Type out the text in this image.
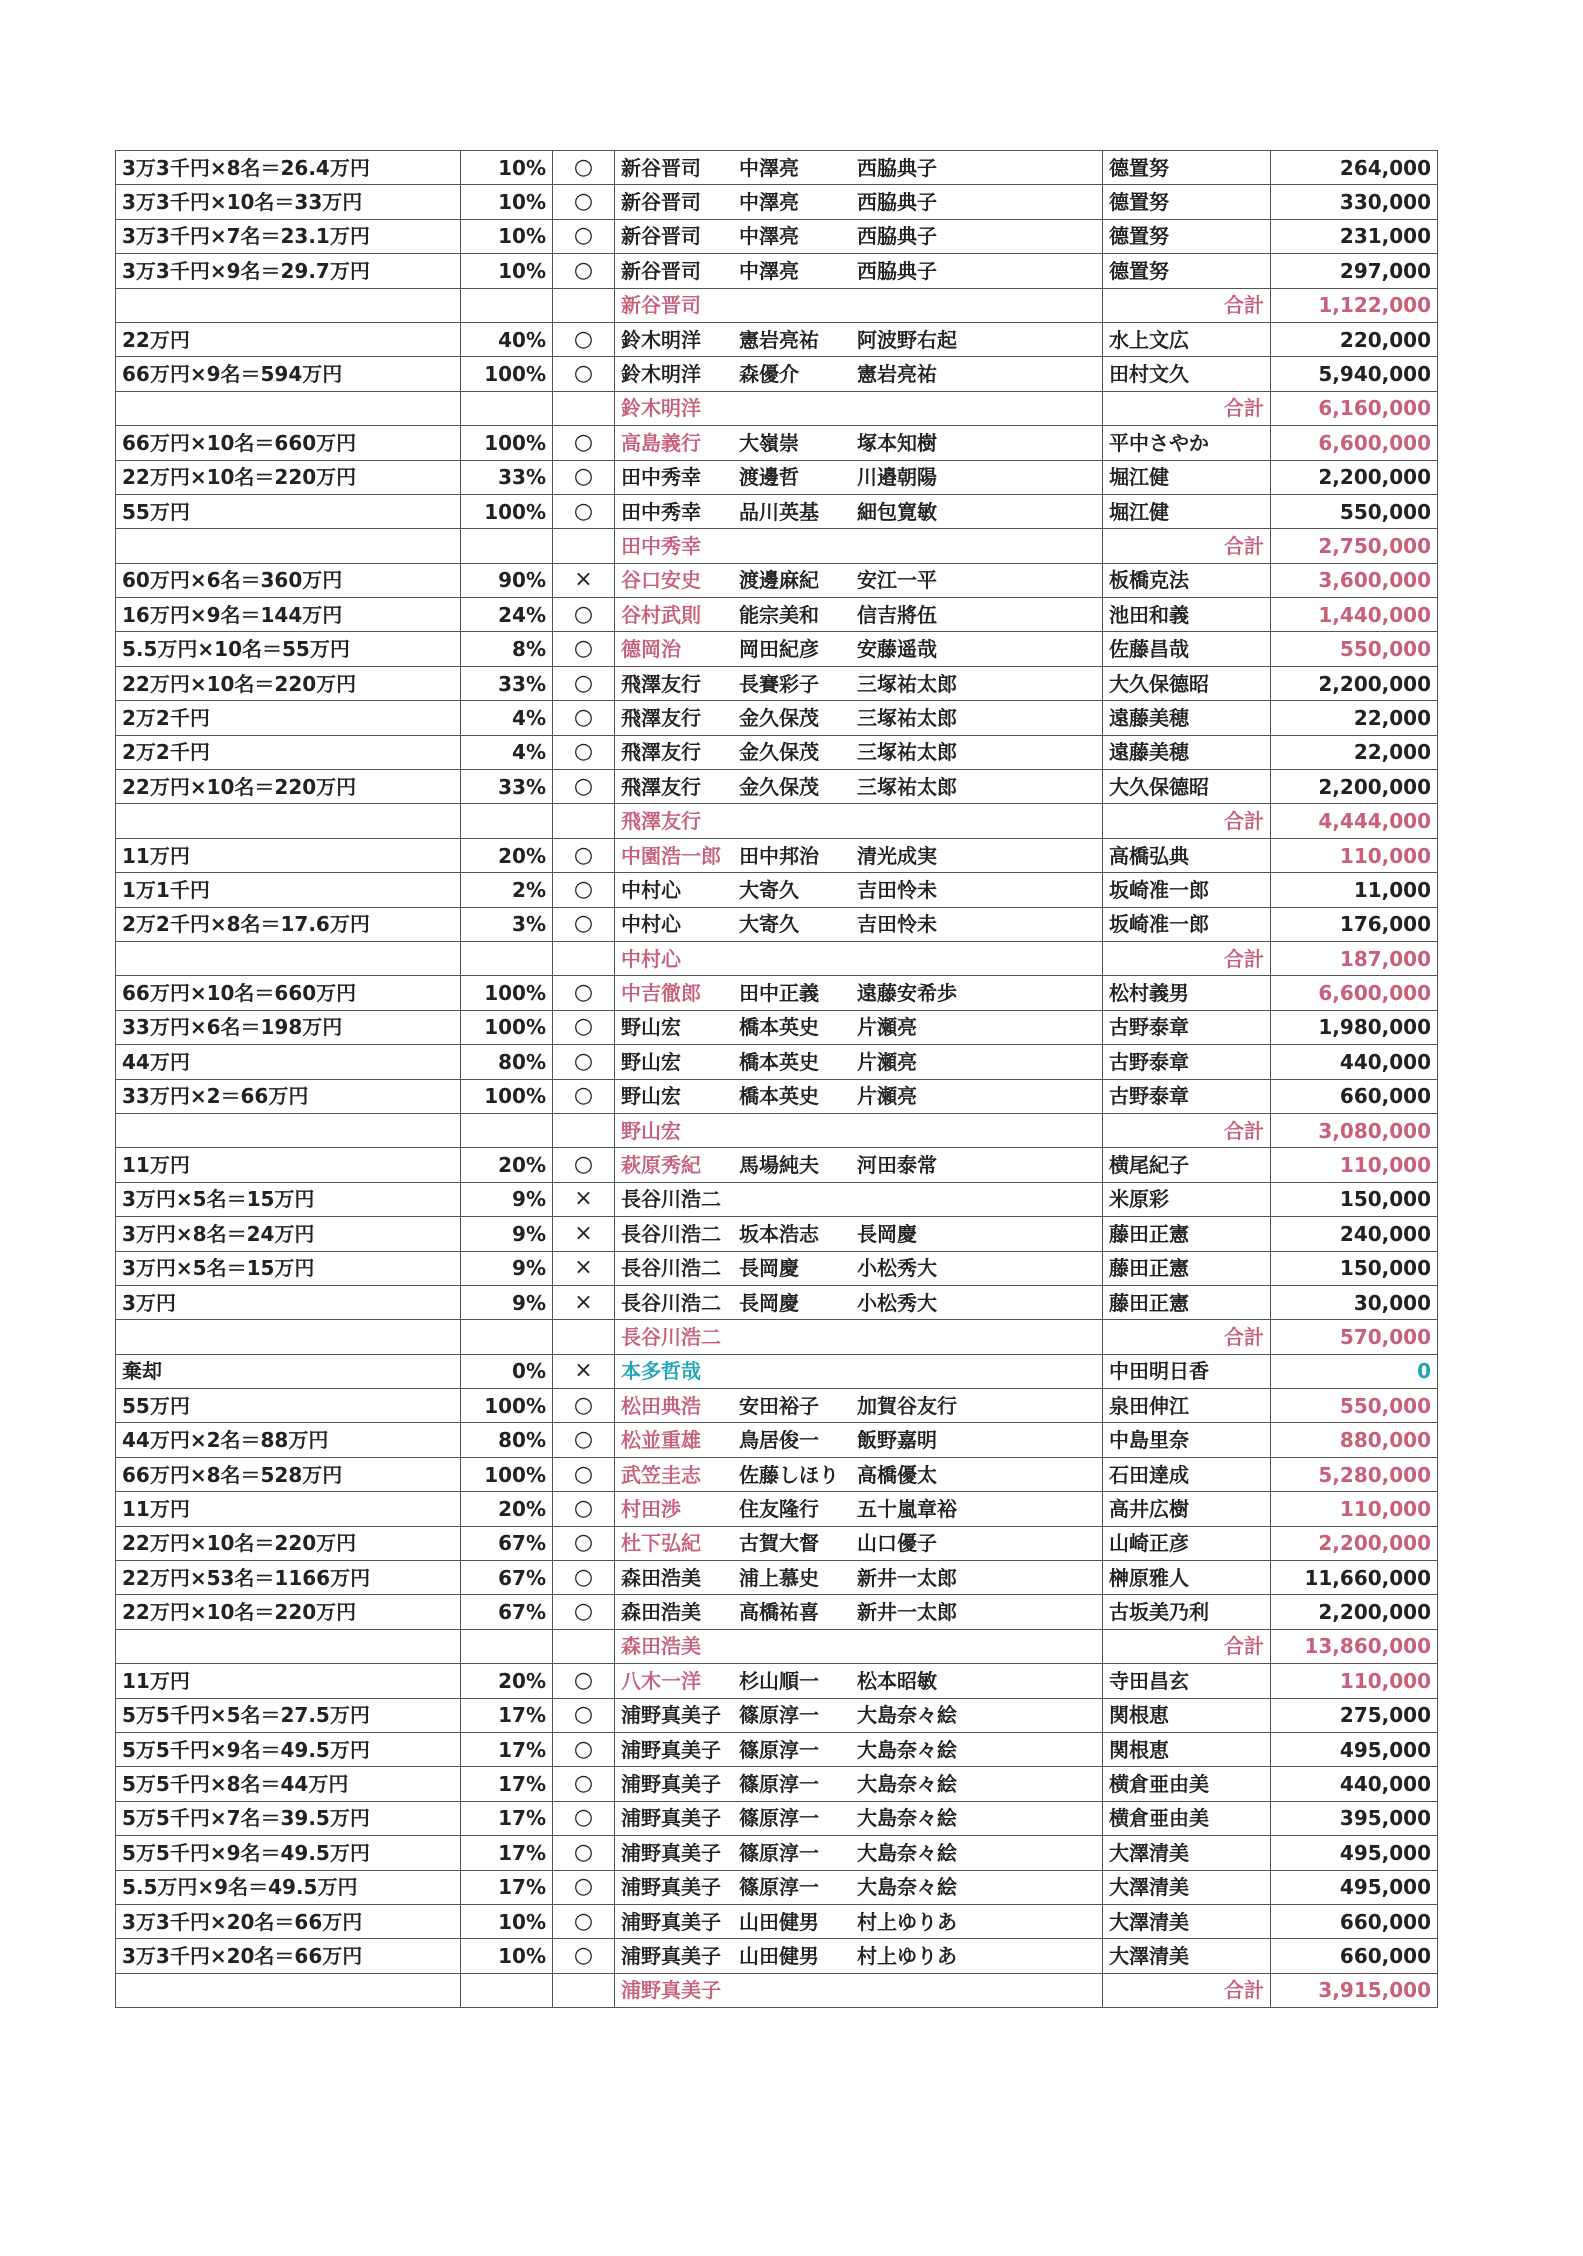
3万3千円×8名＝26.4万円	10%	○	新谷晋司 中澤亮 西脇典子	德置努	264,000
3万3千円×10名＝33万円	10%	○	新谷晋司 中澤亮 西脇典子	德置努	330,000
3万3千円×7名＝23.1万円	10%	○	新谷晋司 中澤亮 西脇典子	德置努	231,000
3万3千円×9名＝29.7万円	10%	○	新谷晋司 中澤亮 西脇典子	德置努	297,000
			新谷晋司	合計	1,122,000
22万円	40%	○	鈴木明洋 憲岩亮祐 阿波野右起	水上文広	220,000
66万円×9名＝594万円	100%	○	鈴木明洋 森優介 憲岩亮祐	田村文久	5,940,000
			鈴木明洋	合計	6,160,000
66万円×10名＝660万円	100%	○	高島義行 大嶺崇 塚本知樹	平中さやか	6,600,000
22万円×10名＝220万円	33%	○	田中秀幸 渡邊哲 川邉朝陽	堀江健	2,200,000
55万円	100%	○	田中秀幸 品川英基 細包寛敏	堀江健	550,000
			田中秀幸	合計	2,750,000
60万円×6名＝360万円	90%	×	谷口安史 渡邊麻紀 安江一平	板橋克法	3,600,000
16万円×9名＝144万円	24%	○	谷村武則 能宗美和 信吉將伍	池田和義	1,440,000
5.5万円×10名＝55万円	8%	○	德岡治 岡田紀彦 安藤遥哉	佐藤昌哉	550,000
22万円×10名＝220万円	33%	○	飛澤友行 長賽彩子 三塚祐太郎	大久保德昭	2,200,000
2万2千円	4%	○	飛澤友行 金久保茂 三塚祐太郎	遠藤美穂	22,000
2万2千円	4%	○	飛澤友行 金久保茂 三塚祐太郎	遠藤美穂	22,000
22万円×10名＝220万円	33%	○	飛澤友行 金久保茂 三塚祐太郎	大久保德昭	2,200,000
			飛澤友行	合計	4,444,000
11万円	20%	○	中園浩一郎 田中邦治 清光成実	高橋弘典	110,000
1万1千円	2%	○	中村心 大寄久 吉田怜未	坂崎准一郎	11,000
2万2千円×8名＝17.6万円	3%	○	中村心 大寄久 吉田怜未	坂崎准一郎	176,000
			中村心	合計	187,000
66万円×10名＝660万円	100%	○	中吉徹郎 田中正義 遠藤安希歩	松村義男	6,600,000
33万円×6名＝198万円	100%	○	野山宏 橋本英史 片瀬亮	古野泰章	1,980,000
44万円	80%	○	野山宏 橋本英史 片瀬亮	古野泰章	440,000
33万円×2＝66万円	100%	○	野山宏 橋本英史 片瀬亮	古野泰章	660,000
			野山宏	合計	3,080,000
11万円	20%	○	萩原秀紀 馬場純夫 河田泰常	横尾紀子	110,000
3万円×5名＝15万円	9%	×	長谷川浩二	米原彩	150,000
3万円×8名＝24万円	9%	×	長谷川浩二 坂本浩志 長岡慶	藤田正憲	240,000
3万円×5名＝15万円	9%	×	長谷川浩二 長岡慶 小松秀大	藤田正憲	150,000
3万円	9%	×	長谷川浩二 長岡慶 小松秀大	藤田正憲	30,000
			長谷川浩二	合計	570,000
棄却	0%	×	本多哲哉	中田明日香	0
55万円	100%	○	松田典浩 安田裕子 加賀谷友行	泉田伸江	550,000
44万円×2名＝88万円	80%	○	松並重雄 鳥居俊一 飯野嘉明	中島里奈	880,000
66万円×8名＝528万円	100%	○	武笠圭志 佐藤しほり 高橋優太	石田達成	5,280,000
11万円	20%	○	村田渉 住友隆行 五十嵐章裕	高井広樹	110,000
22万円×10名＝220万円	67%	○	杜下弘紀 古賀大督 山口優子	山崎正彦	2,200,000
22万円×53名＝1166万円	67%	○	森田浩美 浦上慕史 新井一太郎	榊原雅人	11,660,000
22万円×10名＝220万円	67%	○	森田浩美 高橋祐喜 新井一太郎	古坂美乃利	2,200,000
			森田浩美	合計	13,860,000
11万円	20%	○	八木一洋 杉山順一 松本昭敏	寺田昌玄	110,000
5万5千円×5名＝27.5万円	17%	○	浦野真美子 篠原淳一 大島奈々絵	関根恵	275,000
5万5千円×9名＝49.5万円	17%	○	浦野真美子 篠原淳一 大島奈々絵	関根恵	495,000
5万5千円×8名＝44万円	17%	○	浦野真美子 篠原淳一 大島奈々絵	横倉亜由美	440,000
5万5千円×7名＝39.5万円	17%	○	浦野真美子 篠原淳一 大島奈々絵	横倉亜由美	395,000
5万5千円×9名＝49.5万円	17%	○	浦野真美子 篠原淳一 大島奈々絵	大澤清美	495,000
5.5万円×9名＝49.5万円	17%	○	浦野真美子 篠原淳一 大島奈々絵	大澤清美	495,000
3万3千円×20名＝66万円	10%	○	浦野真美子 山田健男 村上ゆりあ	大澤清美	660,000
3万3千円×20名＝66万円	10%	○	浦野真美子 山田健男 村上ゆりあ	大澤清美	660,000
			浦野真美子	合計	3,915,000
